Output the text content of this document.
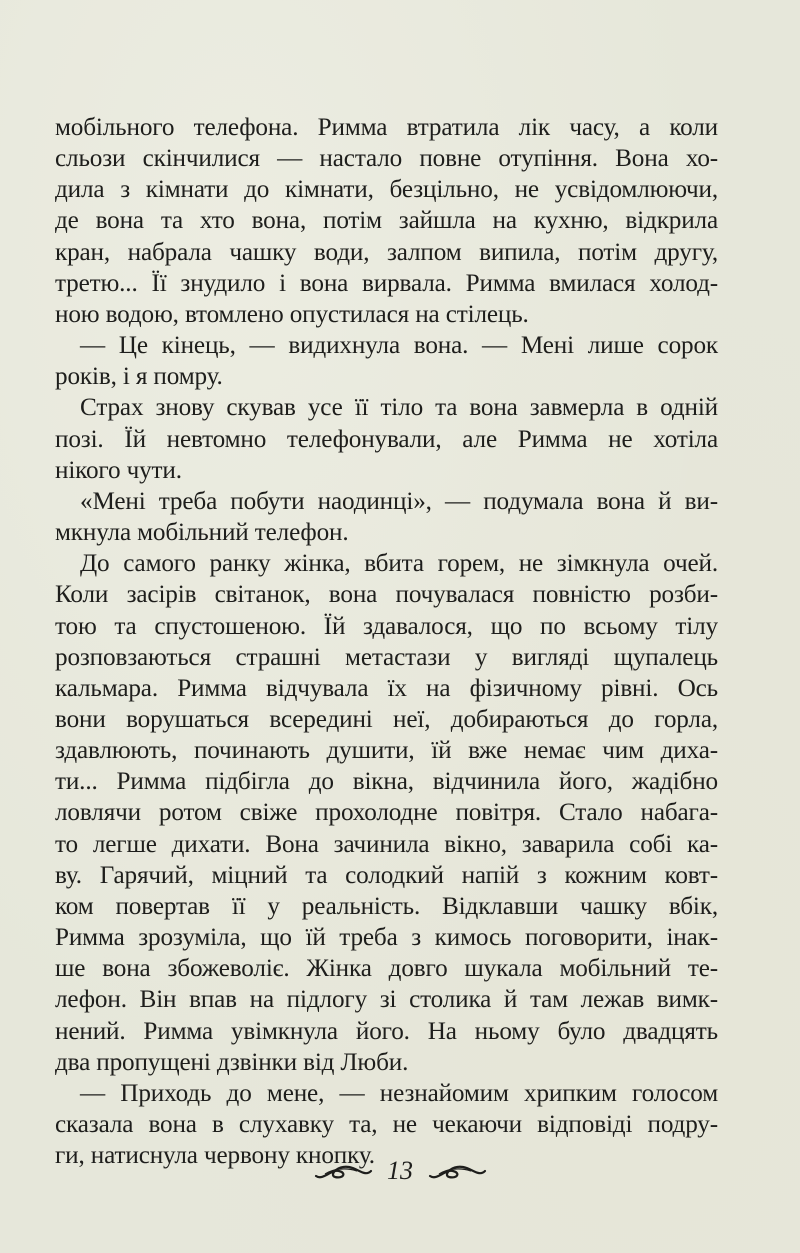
мобільного телефона. Римма втратила лік часу, а коли
сльози скінчилися — настало повне отупіння. Вона хо-
дила з кімнати до кімнати, безцільно, не усвідомлюючи,
де вона та хто вона, потім зайшла на кухню, відкрила
кран, набрала чашку води, залпом випила, потім другу,
третю... Її знудило і вона вирвала. Римма вмилася холод-
ною водою, втомлено опустилася на стілець.

— Це кінець, — видихнула вона. — Мені лише сорок
років, і я помру.

Страх знову скував усе її тіло та вона завмерла в одній
позі. Їй невтомно телефонували, але Римма не хотіла
нікого чути.

«Мені треба побути наодинці», — подумала вона й ви-
мкнула мобільний телефон.

До самого ранку жінка, вбита горем, не зімкнула очей.
Коли засірів світанок, вона почувалася повністю розби-
тою та спустошеною. Їй здавалося, що по всьому тілу
розповзаються страшні метастази у вигляді щупалець
кальмара. Римма відчувала їх на фізичному рівні. Ось
вони ворушаться всередині неї, добираються до горла,
здавлюють, починають душити, їй вже немає чим диха-
ти... Римма підбігла до вікна, відчинила його, жадібно
ловлячи ротом свіже прохолодне повітря. Стало набага-
то легше дихати. Вона зачинила вікно, заварила собі ка-
ву. Гарячий, міцний та солодкий напій з кожним ковт-
ком повертав її у реальність. Відклавши чашку вбік,
Римма зрозуміла, що їй треба з кимось поговорити, інак-
ше вона збожеволіє. Жінка довго шукала мобільний те-
лефон. Він впав на підлогу зі столика й там лежав вимк-
нений. Римма увімкнула його. На ньому було двадцять
два пропущені дзвінки від Люби.

— Приходь до мене, — незнайомим хрипким голосом
сказала вона в слухавку та, не чекаючи відповіді подру-
ги, натиснула червону кнопку.

13
